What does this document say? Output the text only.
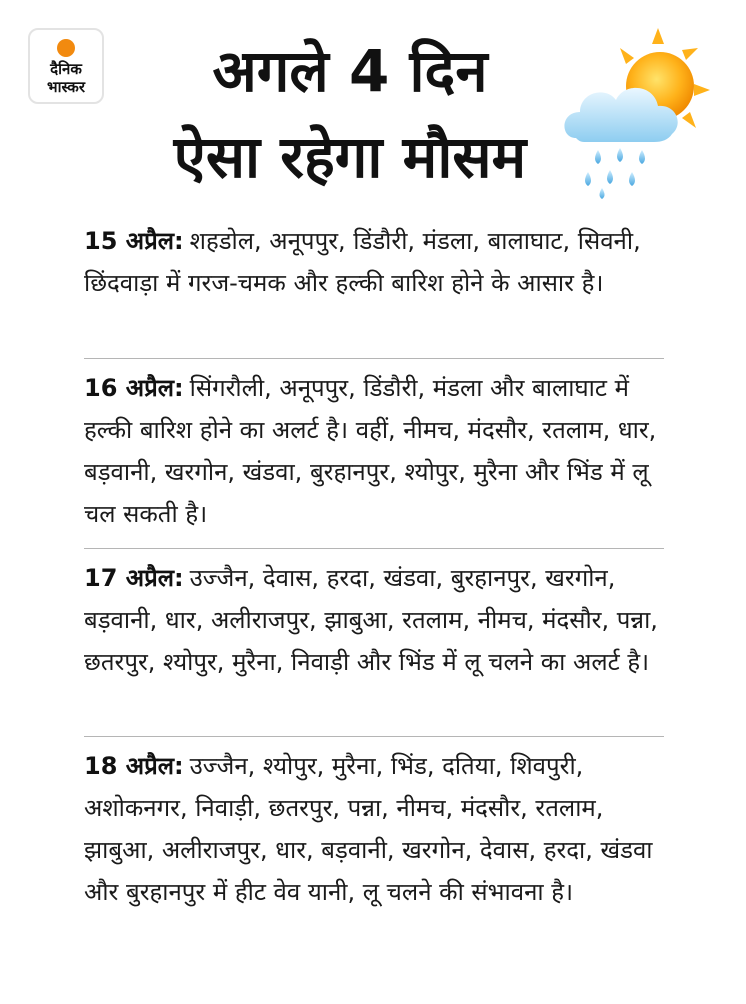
दैनिक
भास्कर	अगले 4 दिन
ऐसा रहेगा मौसम
15 अप्रैल: शहडोल, अनूपपुर, डिंडौरी, मंडला, बालाघाट, सिवनी, छिंदवाड़ा में गरज-चमक और हल्की बारिश होने के आसार है।
16 अप्रैल: सिंगरौली, अनूपपुर, डिंडौरी, मंडला और बालाघाट में हल्की बारिश होने का अलर्ट है। वहीं, नीमच, मंदसौर, रतलाम, धार, बड़वानी, खरगोन, खंडवा, बुरहानपुर, श्योपुर, मुरैना और भिंड में लू चल सकती है।
17 अप्रैल: उज्जैन, देवास, हरदा, खंडवा, बुरहानपुर, खरगोन, बड़वानी, धार, अलीराजपुर, झाबुआ, रतलाम, नीमच, मंदसौर, पन्ना, छतरपुर, श्योपुर, मुरैना, निवाड़ी और भिंड में लू चलने का अलर्ट है।
18 अप्रैल: उज्जैन, श्योपुर, मुरैना, भिंड, दतिया, शिवपुरी, अशोकनगर, निवाड़ी, छतरपुर, पन्ना, नीमच, मंदसौर, रतलाम, झाबुआ, अलीराजपुर, धार, बड़वानी, खरगोन, देवास, हरदा, खंडवा और बुरहानपुर में हीट वेव यानी, लू चलने की संभावना है।
